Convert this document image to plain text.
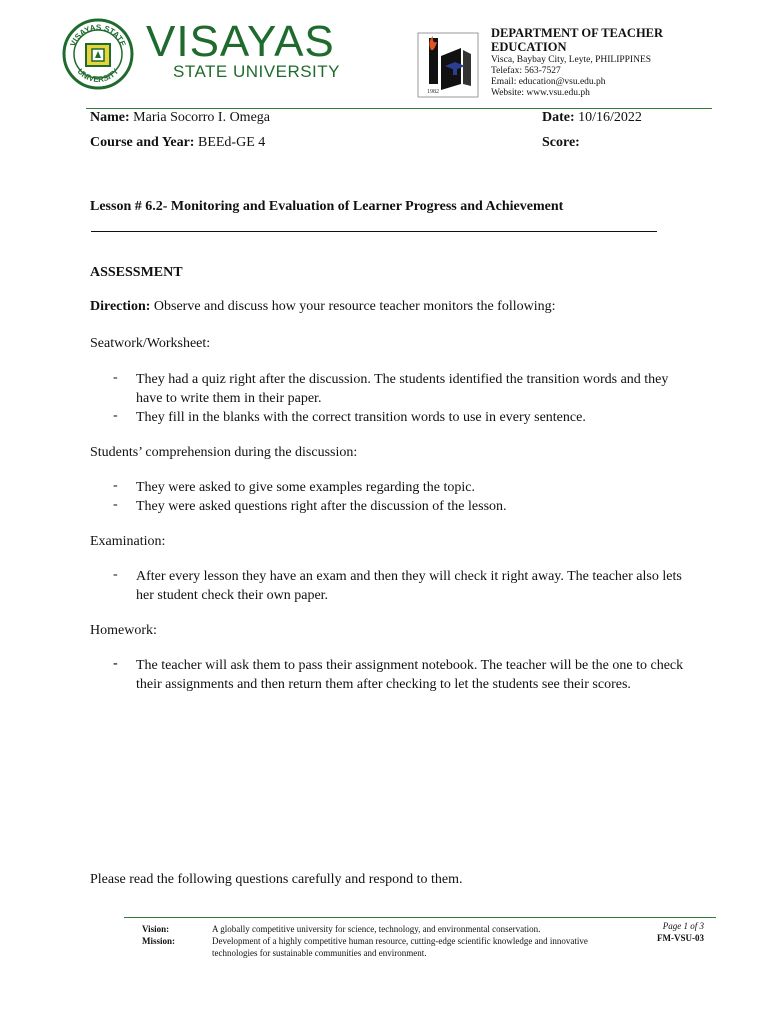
VISAYAS STATE
UNIVERSITY
VISAYAS
STATE UNIVERSITY
1982
DEPARTMENT OF TEACHER
EDUCATION
Visca, Baybay City, Leyte, PHILIPPINES
Telefax: 563-7527
Email: education@vsu.edu.ph
Website: www.vsu.edu.ph
Name: Maria Socorro I. Omega	Date: 10/16/2022
Course and Year: BEEd-GE 4	Score:
Lesson # 6.2- Monitoring and Evaluation of Learner Progress and Achievement
ASSESSMENT
Direction: Observe and discuss how your resource teacher monitors the following:
Seatwork/Worksheet:
- They had a quiz right after the discussion. The students identified the transition words and they have to write them in their paper.
- They fill in the blanks with the correct transition words to use in every sentence.
Students’ comprehension during the discussion:
- They were asked to give some examples regarding the topic.
- They were asked questions right after the discussion of the lesson.
Examination:
- After every lesson they have an exam and then they will check it right away. The teacher also lets her student check their own paper.
Homework:
- The teacher will ask them to pass their assignment notebook. The teacher will be the one to check their assignments and then return them after checking to let the students see their scores.
Please read the following questions carefully and respond to them.
Vision:	A globally competitive university for science, technology, and environmental conservation.
Mission:	Development of a highly competitive human resource, cutting-edge scientific knowledge and innovative technologies for sustainable communities and environment.
Page 1 of 3
FM-VSU-03
